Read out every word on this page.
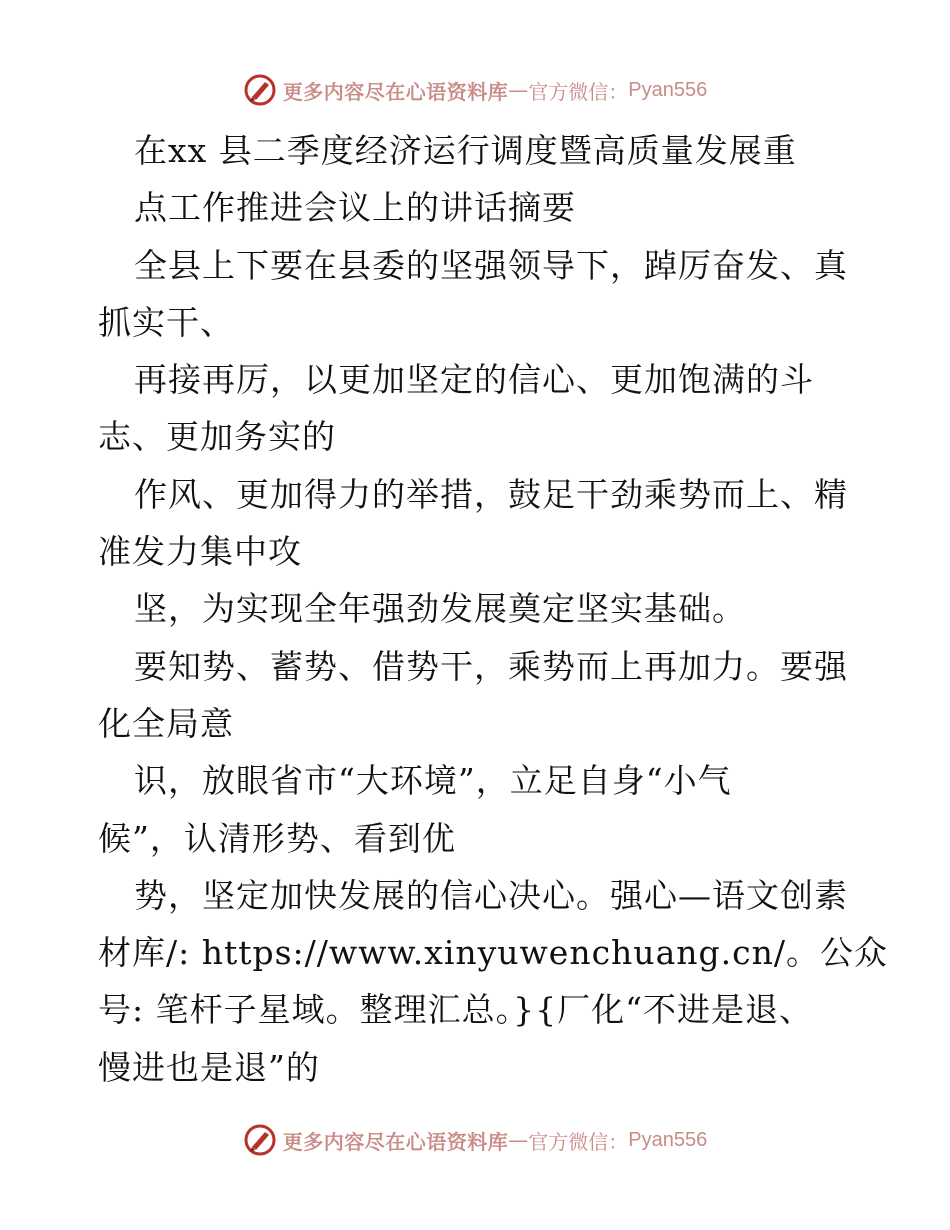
更多内容尽在心语资料库 — 官方微信： Pyan556
在xx 县二季度经济运行调度暨高质量发展重
点工作推进会议上的讲话摘要
全县上下要在县委的坚强领导下，踔厉奋发、真
抓实干、
再接再厉，以更加坚定的信心、更加饱满的斗
志、更加务实的
作风、更加得力的举措，鼓足干劲乘势而上、精
准发力集中攻
坚，为实现全年强劲发展奠定坚实基础。
要知势、蓄势、借势干，乘势而上再加力。要强
化全局意
识，放眼省市“大环境”，立足自身“小气
候”，认清形势、看到优
势，坚定加快发展的信心决心。强心—语文创素
材库/: https://www.xinyuwenchuang.cn/。公众
号: 笔杆子星域。整理汇总。}{厂化“不进是退、
慢进也是退”的
更多内容尽在心语资料库 — 官方微信： Pyan556
